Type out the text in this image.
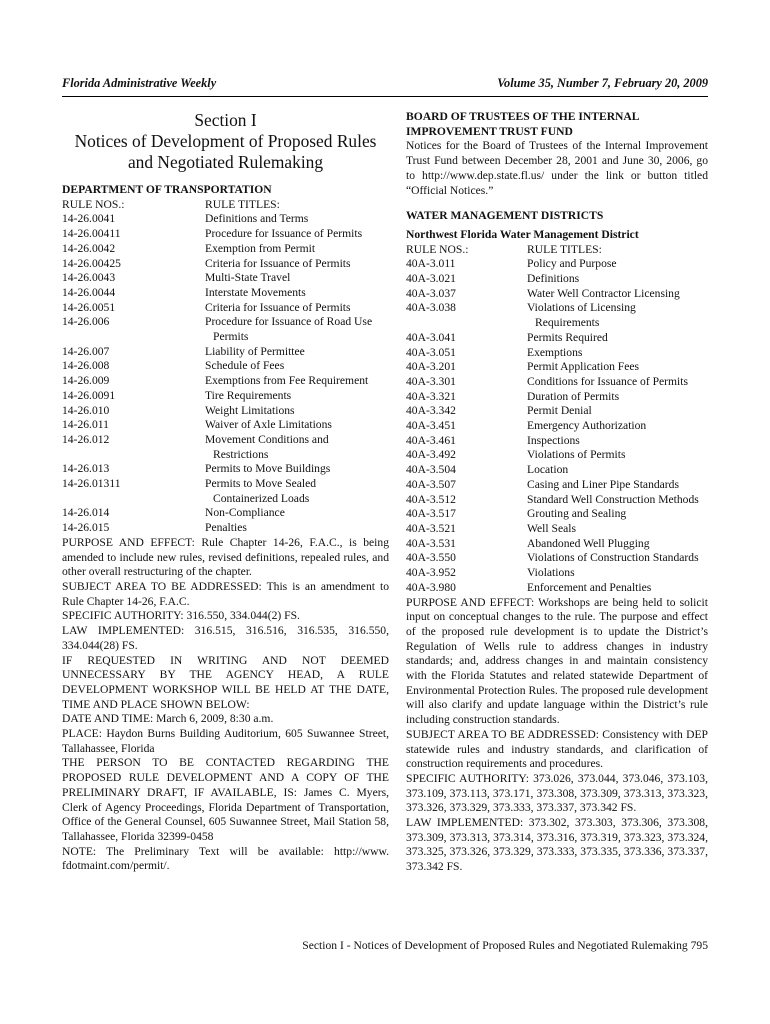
Florida Administrative Weekly	Volume 35, Number 7, February 20, 2009
Section I
Notices of Development of Proposed Rules
and Negotiated Rulemaking

DEPARTMENT OF TRANSPORTATION

RULE NOS.:	RULE TITLES:
14-26.0041	Definitions and Terms
14-26.00411	Procedure for Issuance of Permits
14-26.0042	Exemption from Permit
14-26.00425	Criteria for Issuance of Permits
14-26.0043	Multi-State Travel
14-26.0044	Interstate Movements
14-26.0051	Criteria for Issuance of Permits
14-26.006	Procedure for Issuance of Road Use
Permits
14-26.007	Liability of Permittee
14-26.008	Schedule of Fees
14-26.009	Exemptions from Fee Requirement
14-26.0091	Tire Requirements
14-26.010	Weight Limitations
14-26.011	Waiver of Axle Limitations
14-26.012	Movement Conditions and
Restrictions
14-26.013	Permits to Move Buildings
14-26.01311	Permits to Move Sealed
Containerized Loads
14-26.014	Non-Compliance
14-26.015	Penalties

PURPOSE AND EFFECT: Rule Chapter 14-26, F.A.C., is being amended to include new rules, revised definitions, repealed rules, and other overall restructuring of the chapter.

SUBJECT AREA TO BE ADDRESSED: This is an amendment to Rule Chapter 14-26, F.A.C.

SPECIFIC AUTHORITY: 316.550, 334.044(2) FS.

LAW IMPLEMENTED: 316.515, 316.516, 316.535, 316.550, 334.044(28) FS.

IF REQUESTED IN WRITING AND NOT DEEMED UNNECESSARY BY THE AGENCY HEAD, A RULE DEVELOPMENT WORKSHOP WILL BE HELD AT THE DATE, TIME AND PLACE SHOWN BELOW:

DATE AND TIME: March 6, 2009, 8:30 a.m.

PLACE: Haydon Burns Building Auditorium, 605 Suwannee Street, Tallahassee, Florida

THE PERSON TO BE CONTACTED REGARDING THE PROPOSED RULE DEVELOPMENT AND A COPY OF THE PRELIMINARY DRAFT, IF AVAILABLE, IS: James C. Myers, Clerk of Agency Proceedings, Florida Department of Transportation, Office of the General Counsel, 605 Suwannee Street, Mail Station 58, Tallahassee, Florida 32399-0458

NOTE: The Preliminary Text will be available: http://www. fdotmaint.com/permit/.

BOARD OF TRUSTEES OF THE INTERNAL

IMPROVEMENT TRUST FUND

Notices for the Board of Trustees of the Internal Improvement Trust Fund between December 28, 2001 and June 30, 2006, go to http://www.dep.state.fl.us/ under the link or button titled “Official Notices.”

WATER MANAGEMENT DISTRICTS

Northwest Florida Water Management District

RULE NOS.:	RULE TITLES:
40A-3.011	Policy and Purpose
40A-3.021	Definitions
40A-3.037	Water Well Contractor Licensing
40A-3.038	Violations of Licensing
Requirements
40A-3.041	Permits Required
40A-3.051	Exemptions
40A-3.201	Permit Application Fees
40A-3.301	Conditions for Issuance of Permits
40A-3.321	Duration of Permits
40A-3.342	Permit Denial
40A-3.451	Emergency Authorization
40A-3.461	Inspections
40A-3.492	Violations of Permits
40A-3.504	Location
40A-3.507	Casing and Liner Pipe Standards
40A-3.512	Standard Well Construction Methods
40A-3.517	Grouting and Sealing
40A-3.521	Well Seals
40A-3.531	Abandoned Well Plugging
40A-3.550	Violations of Construction Standards
40A-3.952	Violations
40A-3.980	Enforcement and Penalties

PURPOSE AND EFFECT: Workshops are being held to solicit input on conceptual changes to the rule. The purpose and effect of the proposed rule development is to update the District’s Regulation of Wells rule to address changes in industry standards; and, address changes in and maintain consistency with the Florida Statutes and related statewide Department of Environmental Protection Rules. The proposed rule development will also clarify and update language within the District’s rule including construction standards.

SUBJECT AREA TO BE ADDRESSED: Consistency with DEP statewide rules and industry standards, and clarification of construction requirements and procedures.

SPECIFIC AUTHORITY: 373.026, 373.044, 373.046, 373.103, 373.109, 373.113, 373.171, 373.308, 373.309, 373.313, 373.323, 373.326, 373.329, 373.333, 373.337, 373.342 FS.

LAW IMPLEMENTED: 373.302, 373.303, 373.306, 373.308, 373.309, 373.313, 373.314, 373.316, 373.319, 373.323, 373.324, 373.325, 373.326, 373.329, 373.333, 373.335, 373.336, 373.337, 373.342 FS.

Section I - Notices of Development of Proposed Rules and Negotiated Rulemaking 795
